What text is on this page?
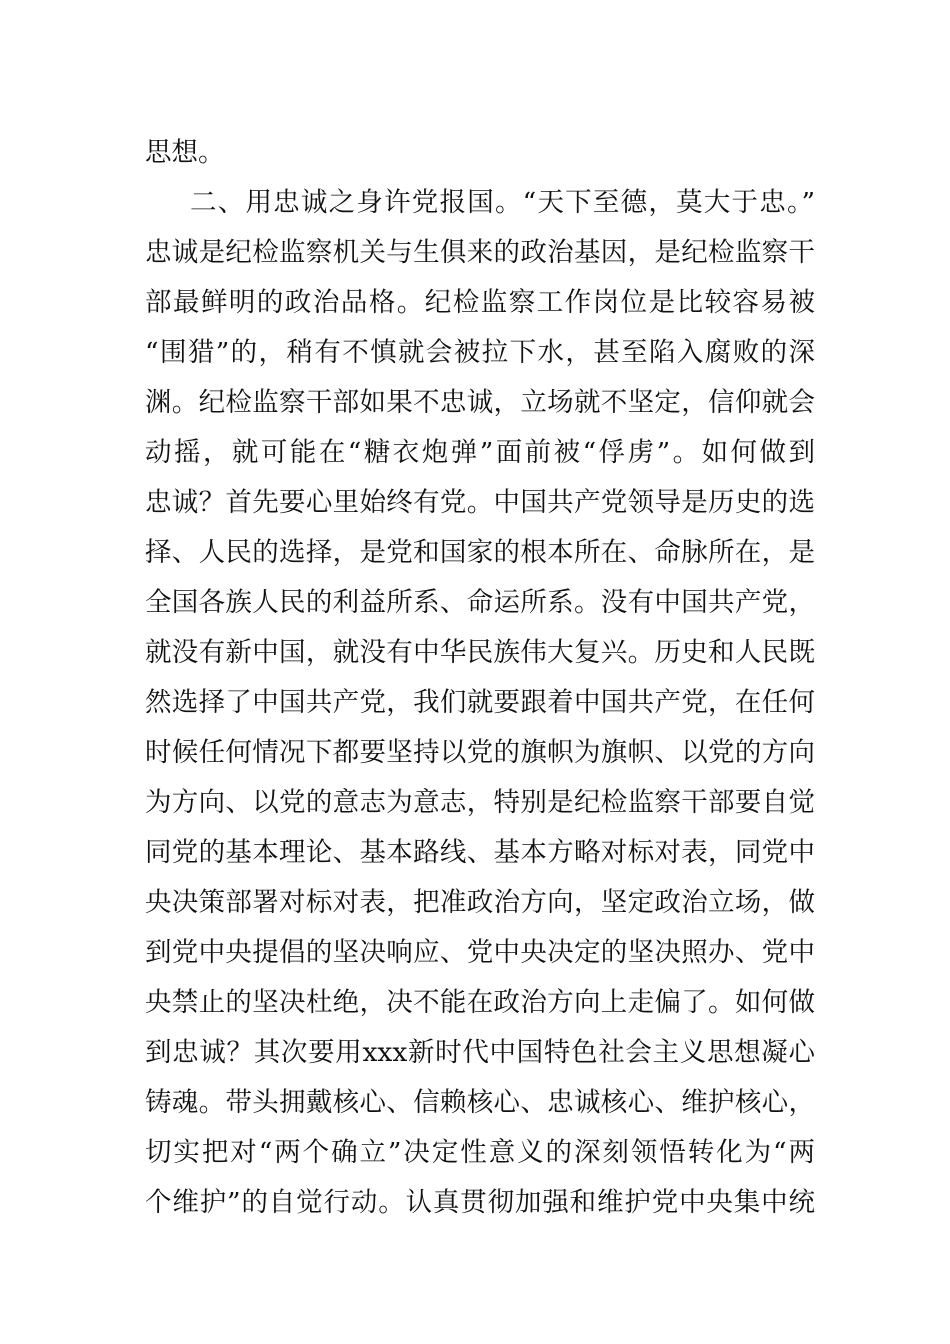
思想。
二、用忠诚之身许党报国。“天下至德，莫大于忠。”
忠诚是纪检监察机关与生俱来的政治基因，是纪检监察干
部最鲜明的政治品格。纪检监察工作岗位是比较容易被
“围猎”的，稍有不慎就会被拉下水，甚至陷入腐败的深
渊。纪检监察干部如果不忠诚，立场就不坚定，信仰就会
动摇，就可能在“糖衣炮弹”面前被“俘虏”。如何做到
忠诚？首先要心里始终有党。中国共产党领导是历史的选
择、人民的选择，是党和国家的根本所在、命脉所在，是
全国各族人民的利益所系、命运所系。没有中国共产党，
就没有新中国，就没有中华民族伟大复兴。历史和人民既
然选择了中国共产党，我们就要跟着中国共产党，在任何
时候任何情况下都要坚持以党的旗帜为旗帜、以党的方向
为方向、以党的意志为意志，特别是纪检监察干部要自觉
同党的基本理论、基本路线、基本方略对标对表，同党中
央决策部署对标对表，把准政治方向，坚定政治立场，做
到党中央提倡的坚决响应、党中央决定的坚决照办、党中
央禁止的坚决杜绝，决不能在政治方向上走偏了。如何做
到忠诚？其次要用xxx新时代中国特色社会主义思想凝心
铸魂。带头拥戴核心、信赖核心、忠诚核心、维护核心，
切实把对“两个确立”决定性意义的深刻领悟转化为“两
个维护”的自觉行动。认真贯彻加强和维护党中央集中统
